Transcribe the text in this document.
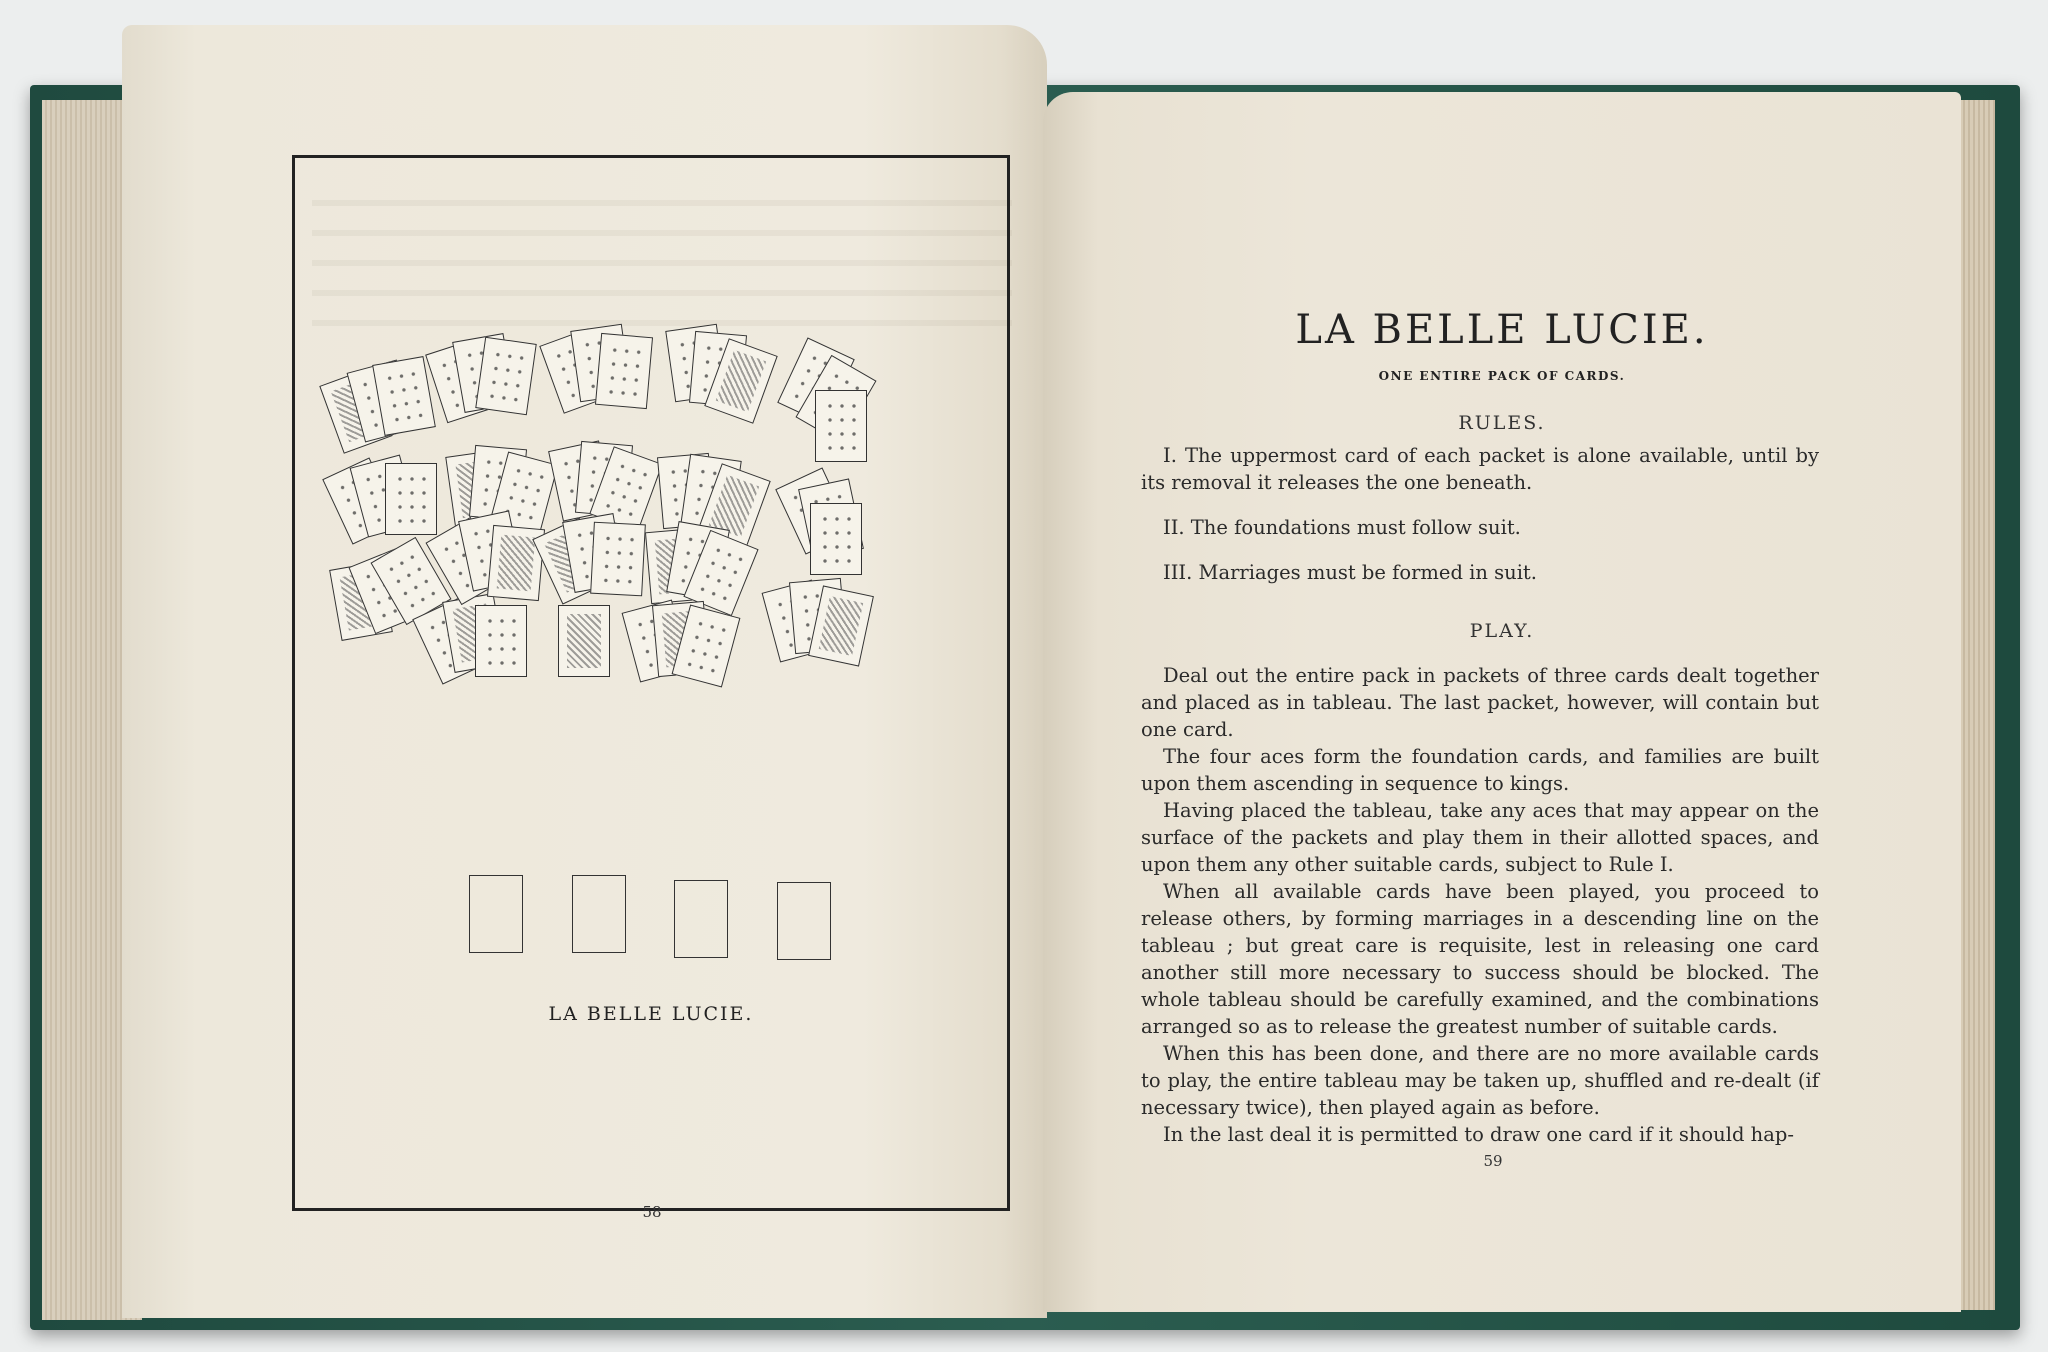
LA BELLE LUCIE.
58
LA BELLE LUCIE.
ONE ENTIRE PACK OF CARDS.
RULES.

I. The uppermost card of each packet is alone available, until by its removal it releases the one beneath.

II. The foundations must follow suit.

III. Marriages must be formed in suit.

PLAY.

Deal out the entire pack in packets of three cards dealt together and placed as in tableau. The last packet, however, will contain but one card.

The four aces form the foundation cards, and families are built upon them ascending in sequence to kings.

Having placed the tableau, take any aces that may appear on the surface of the packets and play them in their allotted spaces, and upon them any other suitable cards, subject to Rule I.

When all available cards have been played, you proceed to release others, by forming marriages in a descending line on the tableau ; but great care is requisite, lest in releasing one card another still more necessary to success should be blocked. The whole tableau should be carefully examined, and the combinations arranged so as to release the greatest number of suitable cards.

When this has been done, and there are no more available cards to play, the entire tableau may be taken up, shuffled and re-dealt (if necessary twice), then played again as before.

In the last deal it is permitted to draw one card if it should hap-

59
